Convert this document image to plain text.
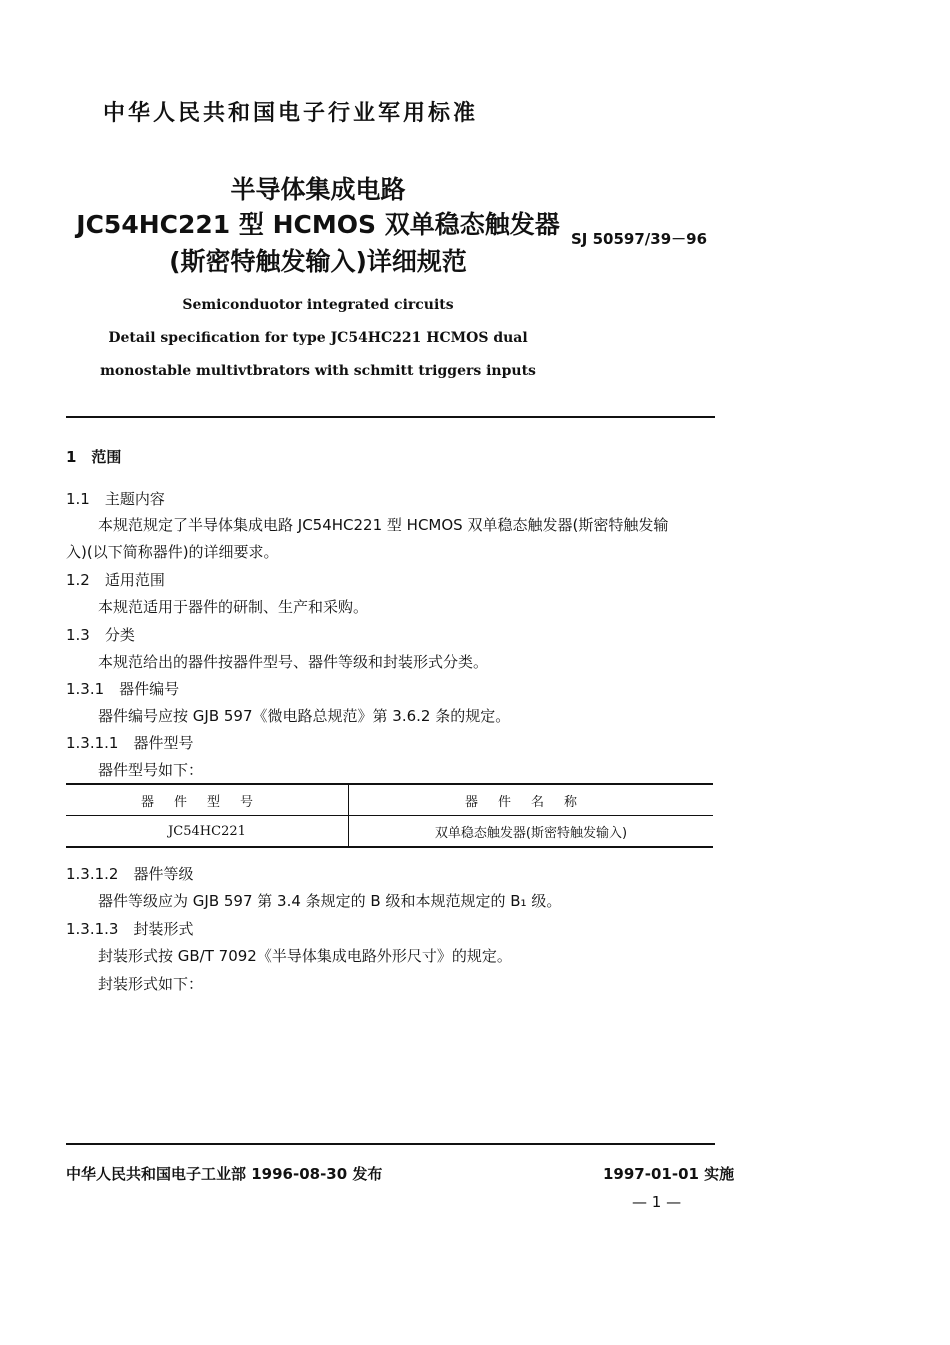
中华人民共和国电子行业军用标准
半导体集成电路
JC54HC221 型 HCMOS 双单稳态触发器
(斯密特触发输入)详细规范
SJ 50597/39－96
Semiconduotor integrated circuits
Detail specification for type JC54HC221 HCMOS dual
monostable multivtbrators with schmitt triggers inputs
1　范围
1.1　主题内容
本规范规定了半导体集成电路 JC54HC221 型 HCMOS 双单稳态触发器(斯密特触发输
入)(以下简称器件)的详细要求。
1.2　适用范围
本规范适用于器件的研制、生产和采购。
1.3　分类
本规范给出的器件按器件型号、器件等级和封装形式分类。
1.3.1　器件编号
器件编号应按 GJB 597《微电路总规范》第 3.6.2 条的规定。
1.3.1.1　器件型号
器件型号如下：
器件型号	器件名称
JC54HC221	双单稳态触发器(斯密特触发输入)
1.3.1.2　器件等级
器件等级应为 GJB 597 第 3.4 条规定的 B 级和本规范规定的 B₁ 级。
1.3.1.3　封装形式
封装形式按 GB/T 7092《半导体集成电路外形尺寸》的规定。
封装形式如下：
中华人民共和国电子工业部 1996-08-30 发布	1997-01-01 实施
— 1 —
